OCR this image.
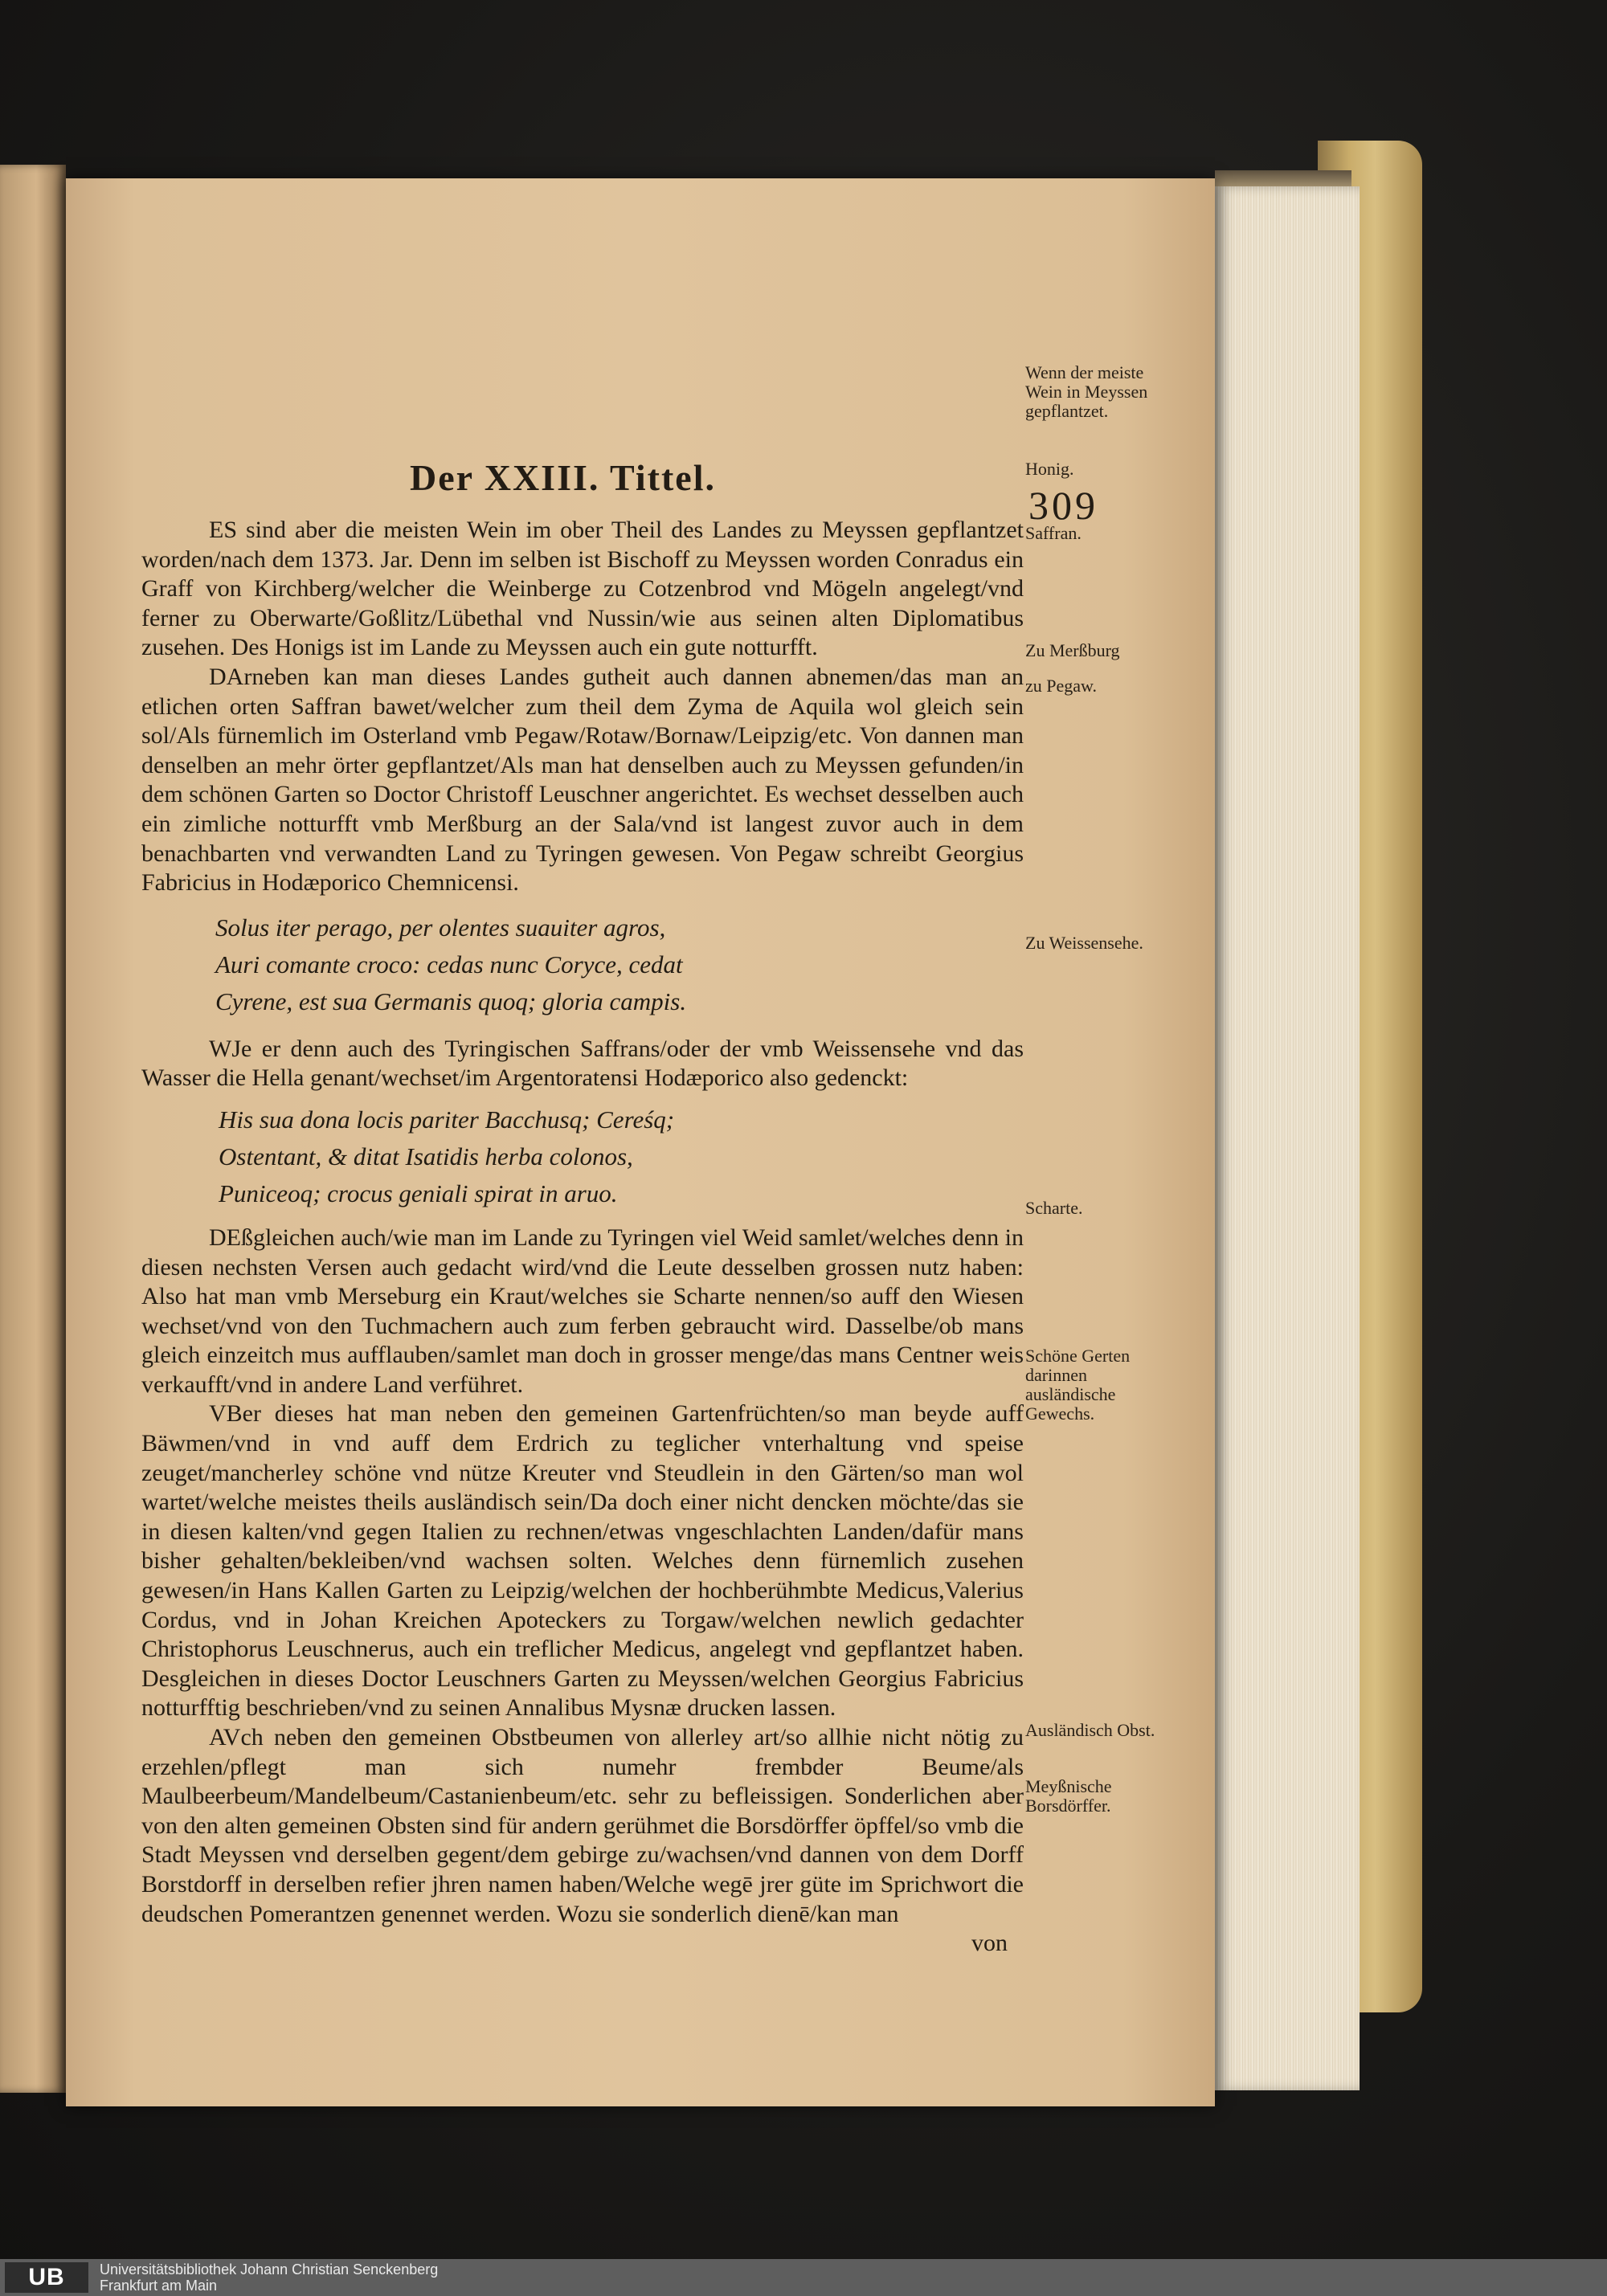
Der XXIII. Tittel.
309

ES sind aber die meisten Wein im ober Theil des Landes zu Meyssen gepflantzet worden/nach dem 1373. Jar. Denn im selben ist Bischoff zu Meyssen worden Conradus ein Graff von Kirchberg/welcher die Weinberge zu Cotzenbrod vnd Mögeln angelegt/vnd ferner zu Oberwarte/Goßlitz/Lübethal vnd Nussin/wie aus seinen alten Diplomatibus zusehen. Des Honigs ist im Lande zu Meyssen auch ein gute notturfft.

DArneben kan man dieses Landes gutheit auch dannen abnemen/das man an etlichen orten Saffran bawet/welcher zum theil dem Zyma de Aquila wol gleich sein sol/Als fürnemlich im Osterland vmb Pegaw/Rotaw/Bornaw/Leipzig/etc. Von dannen man denselben an mehr örter gepflantzet/Als man hat denselben auch zu Meyssen gefunden/in dem schönen Garten so Doctor Christoff Leuschner angerichtet. Es wechset desselben auch ein zimliche notturfft vmb Merßburg an der Sala/vnd ist langest zuvor auch in dem benachbarten vnd verwandten Land zu Tyringen gewesen. Von Pegaw schreibt Georgius Fabricius in Hodæporico Chemnicensi.

Solus iter perago, per olentes suauiter agros,
Auri comante croco: cedas nunc Coryce, cedat
Cyrene, est sua Germanis quoq; gloria campis.

WJe er denn auch des Tyringischen Saffrans/oder der vmb Weissensehe vnd das Wasser die Hella genant/wechset/im Argentoratensi Hodæporico also gedenckt:

His sua dona locis pariter Bacchusq; Cereśq;
Ostentant, & ditat Isatidis herba colonos,
Puniceoq; crocus geniali spirat in aruo.

DEßgleichen auch/wie man im Lande zu Tyringen viel Weid samlet/welches denn in diesen nechsten Versen auch gedacht wird/vnd die Leute desselben grossen nutz haben: Also hat man vmb Merseburg ein Kraut/welches sie Scharte nennen/so auff den Wiesen wechset/vnd von den Tuchmachern auch zum ferben gebraucht wird. Dasselbe/ob mans gleich einzeitch mus aufflauben/samlet man doch in grosser menge/das mans Centner weis verkaufft/vnd in andere Land verführet.

VBer dieses hat man neben den gemeinen Gartenfrüchten/so man beyde auff Bäwmen/vnd in vnd auff dem Erdrich zu teglicher vnterhaltung vnd speise zeuget/mancherley schöne vnd nütze Kreuter vnd Steudlein in den Gärten/so man wol wartet/welche meistes theils ausländisch sein/Da doch einer nicht dencken möchte/das sie in diesen kalten/vnd gegen Italien zu rechnen/etwas vngeschlachten Landen/dafür mans bisher gehalten/bekleiben/vnd wachsen solten. Welches denn fürnemlich zusehen gewesen/in Hans Kallen Garten zu Leipzig/welchen der hochberühmbte Medicus,Valerius Cordus, vnd in Johan Kreichen Apoteckers zu Torgaw/welchen newlich gedachter Christophorus Leuschnerus, auch ein treflicher Medicus, angelegt vnd gepflantzet haben. Desgleichen in dieses Doctor Leuschners Garten zu Meyssen/welchen Georgius Fabricius notturfftig beschrieben/vnd zu seinen Annalibus Mysnæ drucken lassen.

AVch neben den gemeinen Obstbeumen von allerley art/so allhie nicht nötig zu erzehlen/pflegt man sich numehr frembder Beume/als Maulbeerbeum/Mandelbeum/Castanienbeum/etc. sehr zu befleissigen. Sonderlichen aber von den alten gemeinen Obsten sind für andern gerühmet die Borsdörffer öpffel/so vmb die Stadt Meyssen vnd derselben gegent/dem gebirge zu/wachsen/vnd dannen von dem Dorff Borstdorff in derselben refier jhren namen haben/Welche wegē jrer güte im Sprichwort die deudschen Pomerantzen genennet werden. Wozu sie sonderlich dienē/kan man

von
Wenn der meiste Wein in Meyssen gepflantzet.
Honig.
Saffran.
Zu Merßburg
zu Pegaw.
Zu Weissensehe.
Scharte.
Schöne Gerten darinnen ausländische Gewechs.
Ausländisch Obst.
Meyßnische Borsdörffer.
UB	Universitätsbibliothek Johann Christian Senckenberg
Frankfurt am Main
